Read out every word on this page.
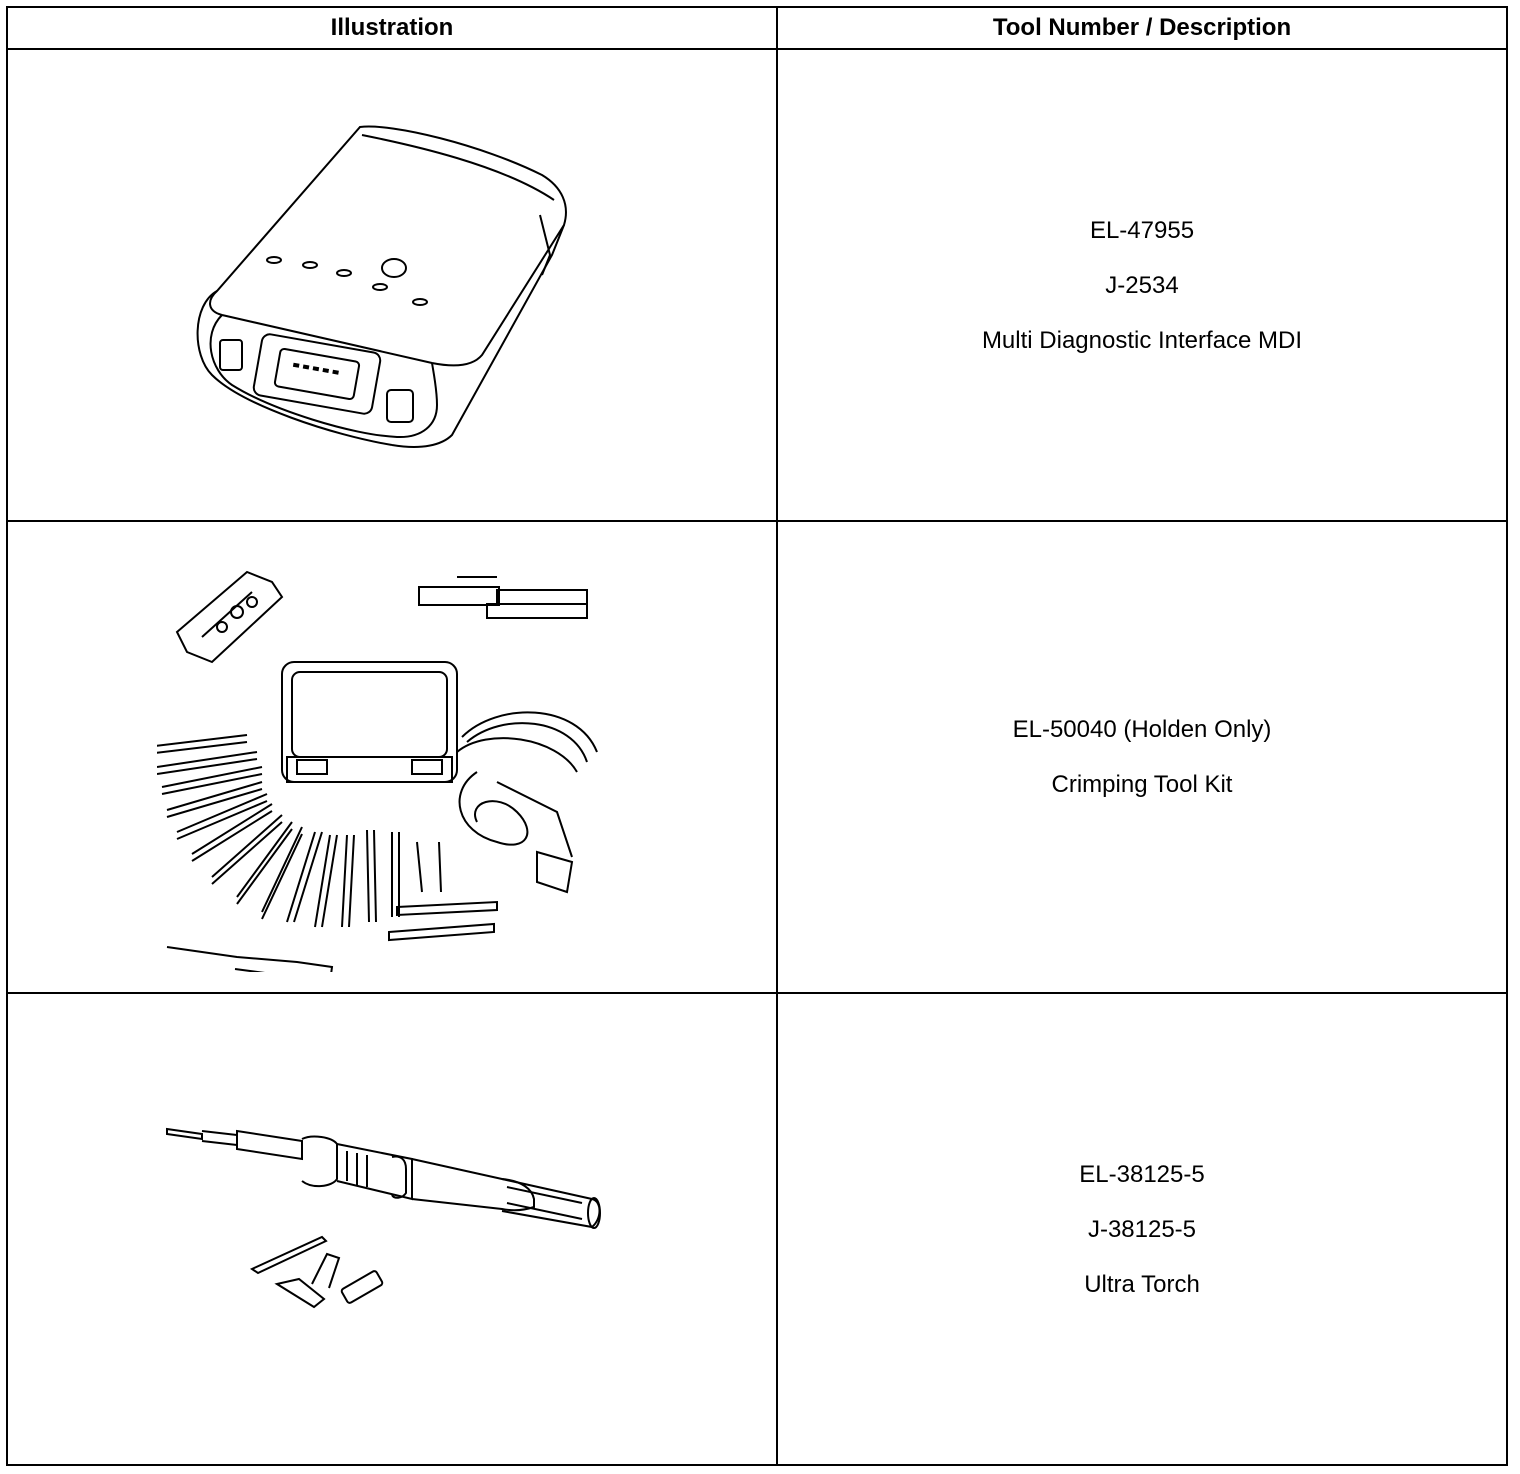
Illustration	Tool Number / Description

EL-47955
J-2534
Multi Diagnostic Interface MDI

EL-50040 (Holden Only)
Crimping Tool Kit

EL-38125-5
J-38125-5
Ultra Torch
